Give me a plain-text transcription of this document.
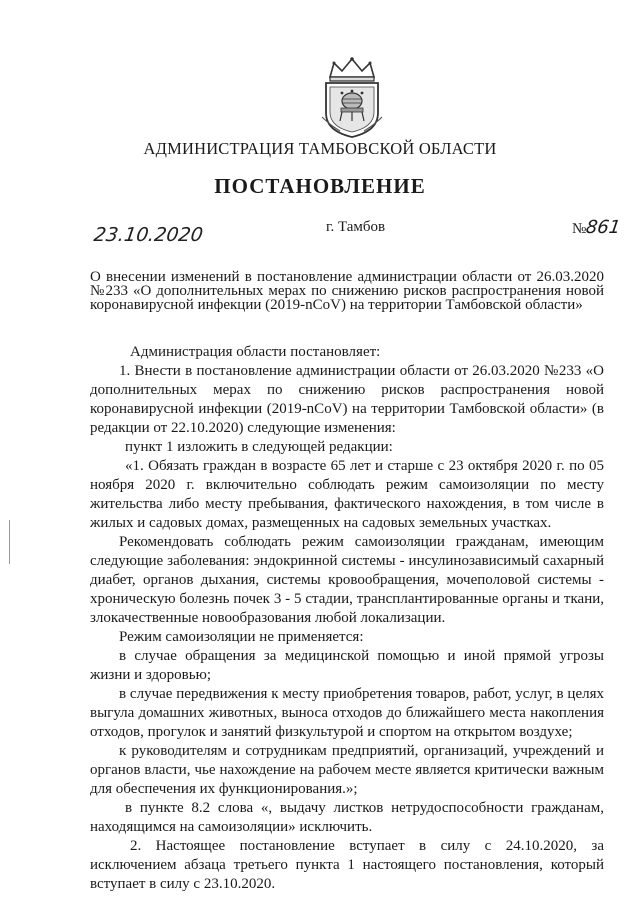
АДМИНИСТРАЦИЯ ТАМБОВСКОЙ ОБЛАСТИ
ПОСТАНОВЛЕНИЕ
23.10.2020	г. Тамбов	№861
О внесении изменений в постановление администрации области от 26.03.2020 №233 «О дополнительных мерах по снижению рисков распространения новой коронавирусной инфекции (2019-nCoV) на территории Тамбовской области»

Администрация области постановляет:

1. Внести в постановление администрации области от 26.03.2020 №233 «О дополнительных мерах по снижению рисков распространения новой коронавирусной инфекции (2019-nCoV) на территории Тамбовской области» (в редакции от 22.10.2020) следующие изменения:

пункт 1 изложить в следующей редакции:

«1. Обязать граждан в возрасте 65 лет и старше с 23 октября 2020 г. по 05 ноября 2020 г. включительно соблюдать режим самоизоляции по месту жительства либо месту пребывания, фактического нахождения, в том числе в жилых и садовых домах, размещенных на садовых земельных участках.

Рекомендовать соблюдать режим самоизоляции гражданам, имеющим следующие заболевания: эндокринной системы - инсулинозависимый сахарный диабет, органов дыхания, системы кровообращения, мочеполовой системы - хроническую болезнь почек 3 - 5 стадии, трансплантированные органы и ткани, злокачественные новообразования любой локализации.

Режим самоизоляции не применяется:

в случае обращения за медицинской помощью и иной прямой угрозы жизни и здоровью;

в случае передвижения к месту приобретения товаров, работ, услуг, в целях выгула домашних животных, выноса отходов до ближайшего места накопления отходов, прогулок и занятий физкультурой и спортом на открытом воздухе;

к руководителям и сотрудникам предприятий, организаций, учреждений и органов власти, чье нахождение на рабочем месте является критически важным для обеспечения их функционирования.»;

в пункте 8.2 слова «, выдачу листков нетрудоспособности гражданам, находящимся на самоизоляции» исключить.

2. Настоящее постановление вступает в силу с 24.10.2020, за исключением абзаца третьего пункта 1 настоящего постановления, который вступает в силу с 23.10.2020.
